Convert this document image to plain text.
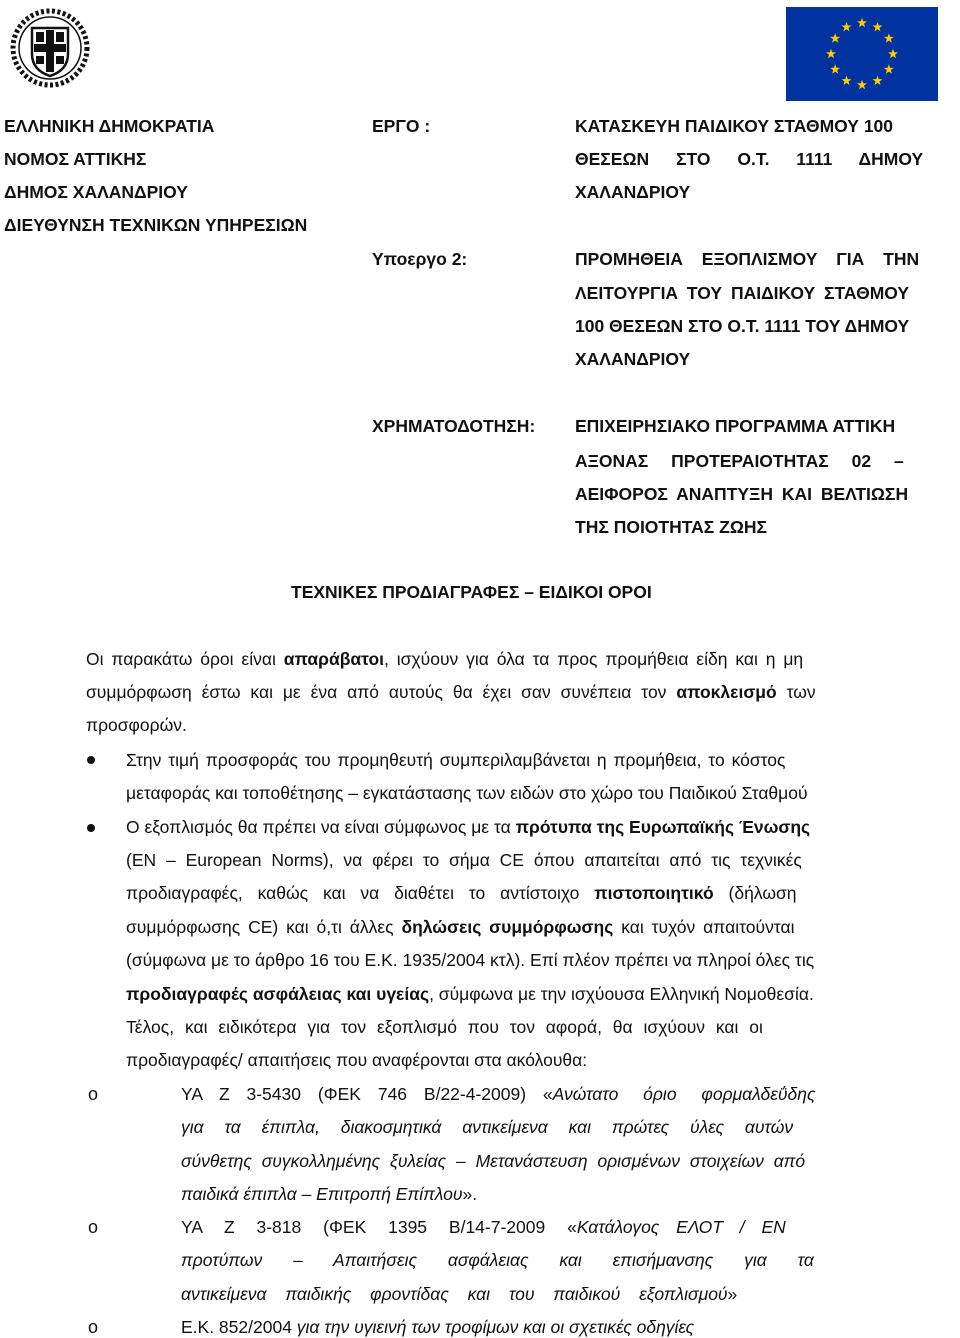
ΕΛΛΗΝΙΚΗ ΔΗΜΟΚΡΑΤΙΑ
ΝΟΜΟΣ ΑΤΤΙΚΗΣ
ΔΗΜΟΣ ΧΑΛΑΝΔΡΙΟΥ
ΔΙΕΥΘΥΝΣΗ ΤΕΧΝΙΚΩΝ ΥΠΗΡΕΣΙΩΝ
ΕΡΓΟ :	ΚΑΤΑΣΚΕΥΗ ΠΑΙΔΙΚΟΥ ΣΤΑΘΜΟΥ 100
ΘΕΣΕΩΝ ΣΤΟ Ο.Τ. 1111 ΔΗΜΟΥ
ΧΑΛΑΝΔΡΙΟΥ
Υποεργο 2:	ΠΡΟΜΗΘΕΙΑ ΕΞΟΠΛΙΣΜΟΥ ΓΙΑ ΤΗΝ
ΛΕΙΤΟΥΡΓΙΑ ΤΟΥ ΠΑΙΔΙΚΟΥ ΣΤΑΘΜΟΥ
100 ΘΕΣΕΩΝ ΣΤΟ Ο.Τ. 1111 ΤΟΥ ΔΗΜΟΥ
ΧΑΛΑΝΔΡΙΟΥ
ΧΡΗΜΑΤΟΔΟΤΗΣΗ: ΕΠΙΧΕΙΡΗΣΙΑΚΟ ΠΡΟΓΡΑΜΜΑ ΑΤΤΙΚΗ
ΑΞΟΝΑΣ ΠΡΟΤΕΡΑΙΟΤΗΤΑΣ 02 –
ΑΕΙΦΟΡΟΣ ΑΝΑΠΤΥΞΗ ΚΑΙ ΒΕΛΤΙΩΣΗ
ΤΗΣ ΠΟΙΟΤΗΤΑΣ ΖΩΗΣ
ΤΕΧΝΙΚΕΣ ΠΡΟΔΙΑΓΡΑΦΕΣ – ΕΙΔΙΚΟΙ ΟΡΟΙ
Οι παρακάτω όροι είναι απαράβατοι, ισχύουν για όλα τα προς προμήθεια είδη και η μη
συμμόρφωση έστω και με ένα από αυτούς θα έχει σαν συνέπεια τον αποκλεισμό των
προσφορών.
Στην τιμή προσφοράς του προμηθευτή συμπεριλαμβάνεται η προμήθεια, το κόστος
μεταφοράς και τοποθέτησης – εγκατάστασης των ειδών στο χώρο του Παιδικού Σταθμού
Ο εξοπλισμός θα πρέπει να είναι σύμφωνος με τα πρότυπα της Ευρωπαϊκής Ένωσης
(EN – European Norms), να φέρει το σήμα CE όπου απαιτείται από τις τεχνικές
προδιαγραφές, καθώς και να διαθέτει το αντίστοιχο πιστοποιητικό (δήλωση
συμμόρφωσης CE) και ό,τι άλλες δηλώσεις συμμόρφωσης και τυχόν απαιτούνται
(σύμφωνα με το άρθρο 16 του Ε.Κ. 1935/2004 κτλ). Επί πλέον πρέπει να πληροί όλες τις
προδιαγραφές ασφάλειας και υγείας, σύμφωνα με την ισχύουσα Ελληνική Νομοθεσία.
Τέλος, και ειδικότερα για τον εξοπλισμό που τον αφορά, θα ισχύουν και οι
προδιαγραφές/ απαιτήσεις που αναφέρονται στα ακόλουθα:
o	ΥΑ Ζ 3-5430 (ΦΕΚ 746 Β/22-4-2009) «Ανώτατο όριο φορμαλδεΰδης
για τα έπιπλα, διακοσμητικά αντικείμενα και πρώτες ύλες αυτών
σύνθετης συγκολλημένης ξυλείας – Μετανάστευση ορισμένων στοιχείων από
παιδικά έπιπλα – Επιτροπή Επίπλου».
o	ΥΑ Ζ 3-818 (ΦΕΚ 1395 Β/14-7-2009 «Κατάλογος ΕΛΟΤ / ΕΝ
προτύπων – Απαιτήσεις ασφάλειας και επισήμανσης για τα
αντικείμενα παιδικής φροντίδας και του παιδικού εξοπλισμού»
o	Ε.Κ. 852/2004 για την υγιεινή των τροφίμων και οι σχετικές οδηγίες
